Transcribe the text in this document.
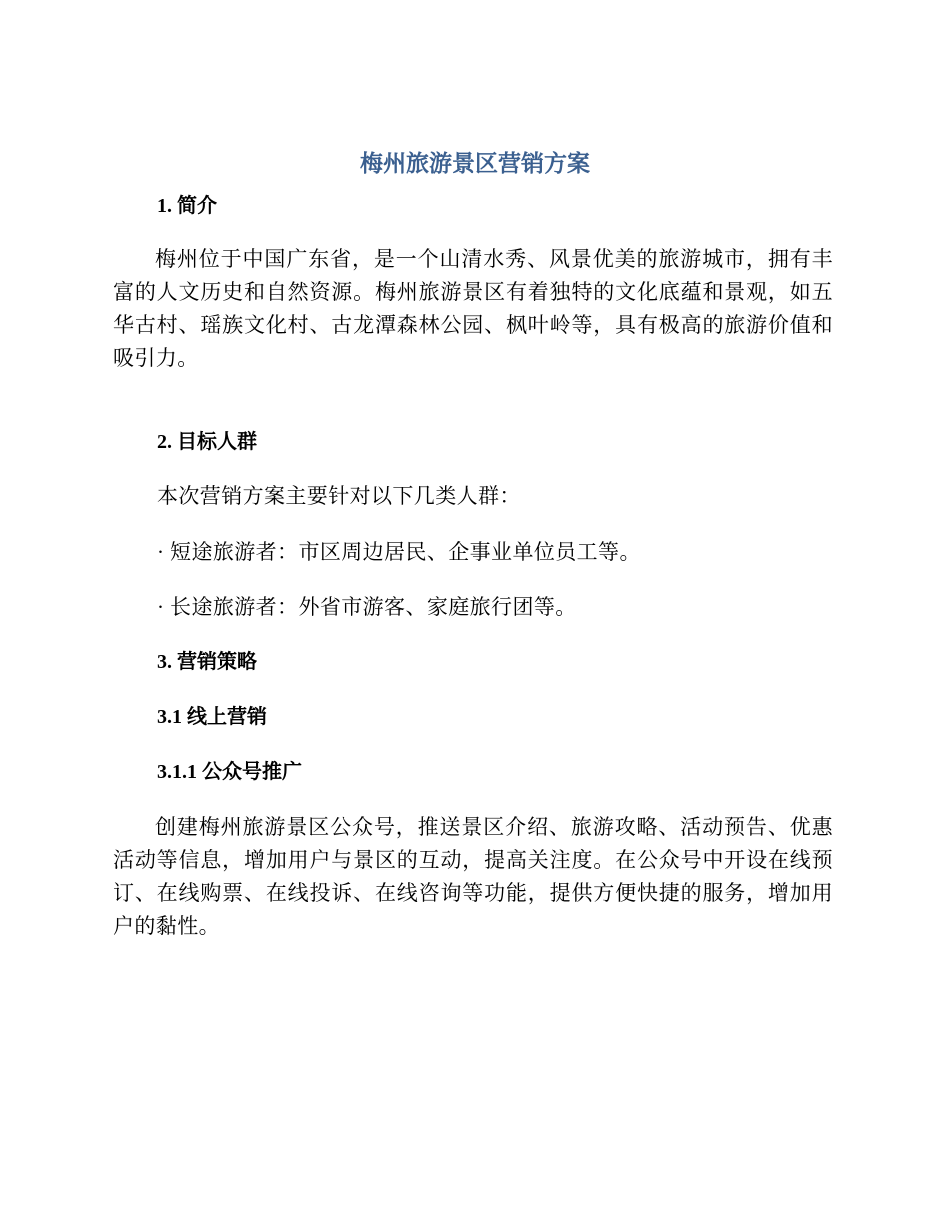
梅州旅游景区营销方案
1. 简介
梅州位于中国广东省，是一个山清水秀、风景优美的旅游城市，拥有丰富的人文历史和自然资源。梅州旅游景区有着独特的文化底蕴和景观，如五华古村、瑶族文化村、古龙潭森林公园、枫叶岭等，具有极高的旅游价值和吸引力。
2. 目标人群
本次营销方案主要针对以下几类人群：
· 短途旅游者：市区周边居民、企事业单位员工等。
· 长途旅游者：外省市游客、家庭旅行团等。
3. 营销策略
3.1 线上营销
3.1.1 公众号推广
创建梅州旅游景区公众号，推送景区介绍、旅游攻略、活动预告、优惠活动等信息，增加用户与景区的互动，提高关注度。在公众号中开设在线预订、在线购票、在线投诉、在线咨询等功能，提供方便快捷的服务，增加用户的黏性。
